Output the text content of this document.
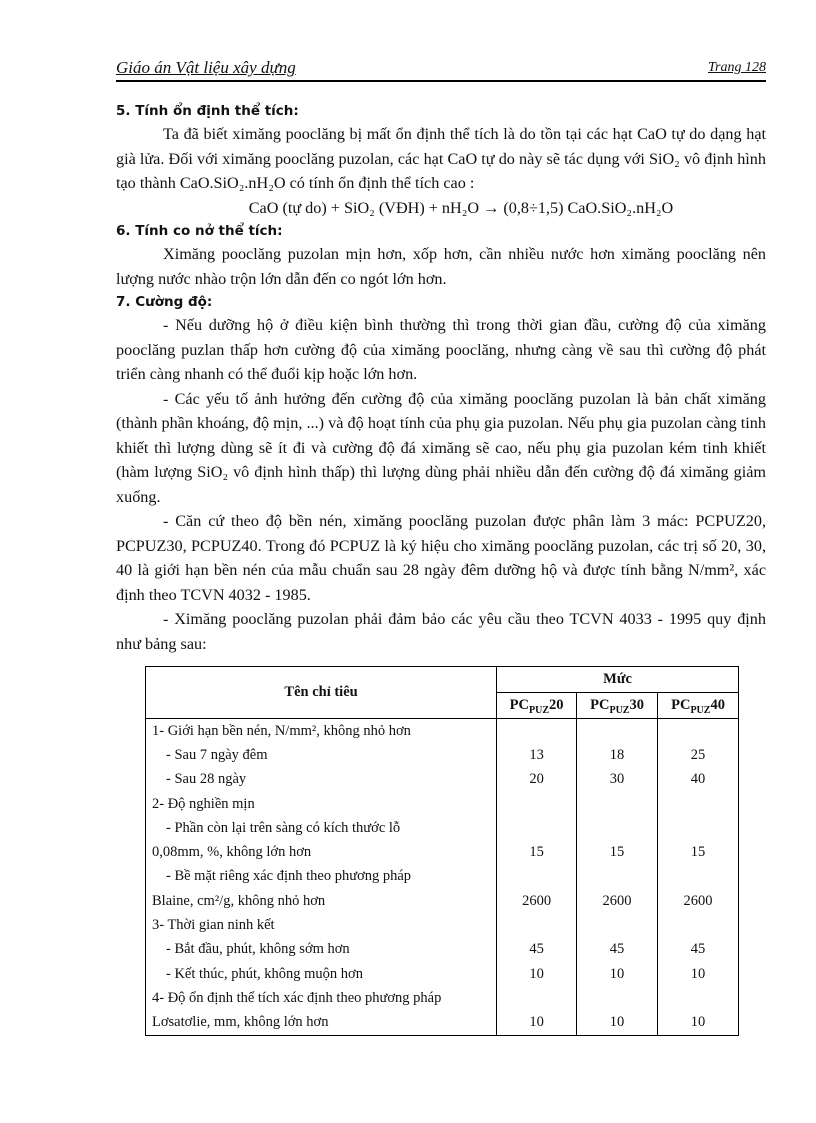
Giáo án Vật liệu xây dựng	Trang 128
5. Tính ổn định thể tích:

Ta đã biết ximăng pooclăng bị mất ổn định thể tích là do tồn tại các hạt CaO tự do dạng hạt già lửa. Đối với ximăng pooclăng puzolan, các hạt CaO tự do này sẽ tác dụng với SiO₂ vô định hình tạo thành CaO.SiO₂.nH₂O có tính ổn định thể tích cao :

CaO (tự do) + SiO₂ (VĐH) + nH₂O → (0,8÷1,5) CaO.SiO₂.nH₂O

6. Tính co nở thể tích:

Ximăng pooclăng puzolan mịn hơn, xốp hơn, cần nhiều nước hơn ximăng pooclăng nên lượng nước nhào trộn lớn dẫn đến co ngót lớn hơn.

7. Cường độ:

- Nếu dưỡng hộ ở điều kiện bình thường thì trong thời gian đầu, cường độ của ximăng pooclăng puzlan thấp hơn cường độ của ximăng pooclăng, nhưng càng về sau thì cường độ phát triển càng nhanh có thể đuổi kịp hoặc lớn hơn.

- Các yếu tố ảnh hưởng đến cường độ của ximăng pooclăng puzolan là bản chất ximăng (thành phần khoáng, độ mịn, ...) và độ hoạt tính của phụ gia puzolan. Nếu phụ gia puzolan càng tinh khiết thì lượng dùng sẽ ít đi và cường độ đá ximăng sẽ cao, nếu phụ gia puzolan kém tinh khiết (hàm lượng SiO₂ vô định hình thấp) thì lượng dùng phải nhiều dẫn đến cường độ đá ximăng giảm xuống.

- Căn cứ theo độ bền nén, ximăng pooclăng puzolan được phân làm 3 mác: PCPUZ20, PCPUZ30, PCPUZ40. Trong đó PCPUZ là ký hiệu cho ximăng pooclăng puzolan, các trị số 20, 30, 40 là giới hạn bền nén của mẫu chuẩn sau 28 ngày đêm dưỡng hộ và được tính bằng N/mm², xác định theo TCVN 4032 - 1985.

- Ximăng pooclăng puzolan phải đảm bảo các yêu cầu theo TCVN 4033 - 1995 quy định như bảng sau:

Tên chỉ tiêu	Mức		
	$PC_{PUZ}20$	$PC_{PUZ}30$	$PC_{PUZ}40$
1- Giới hạn bền nén, N/mm², không nhỏ hơn			
- Sau 7 ngày đêm	13	18	25
- Sau 28 ngày	20	30	40
2- Độ nghiền mịn			
- Phần còn lại trên sàng có kích thước lỗ			
0,08mm, %, không lớn hơn	15	15	15
- Bề mặt riêng xác định theo phương pháp			
Blaine, cm²/g, không nhỏ hơn	2600	2600	2600
3- Thời gian ninh kết			
- Bắt đầu, phút, không sớm hơn	45	45	45
- Kết thúc, phút, không muộn hơn	10	10	10
4- Độ ổn định thể tích xác định theo phương pháp			
Lơsatơlie, mm, không lớn hơn	10	10	10
